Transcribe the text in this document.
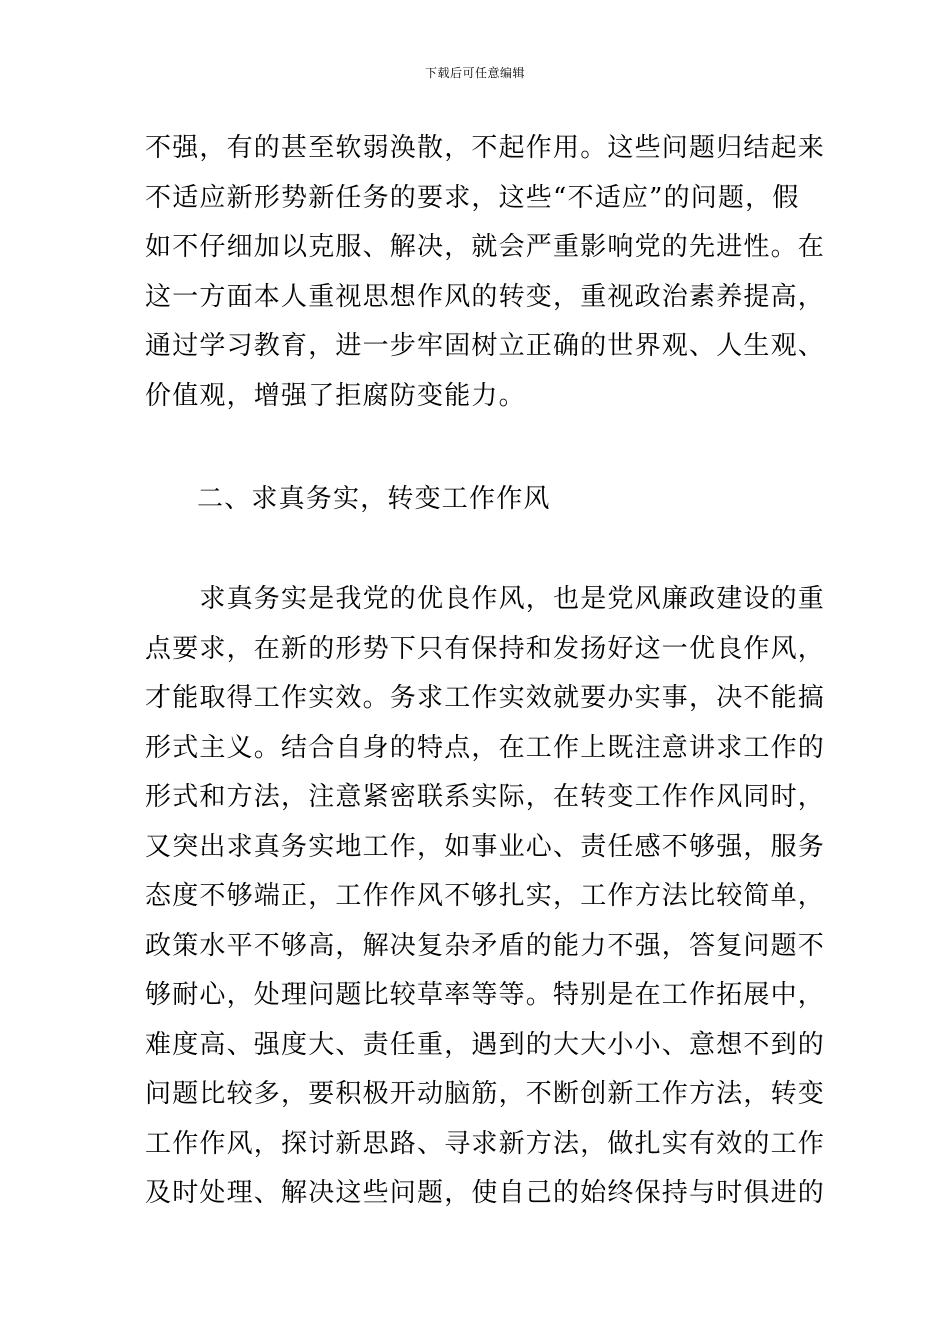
下载后可任意编辑
不强，有的甚至软弱涣散，不起作用。这些问题归结起来
不适应新形势新任务的要求，这些“不适应”的问题，假
如不仔细加以克服、解决，就会严重影响党的先进性。在
这一方面本人重视思想作风的转变，重视政治素养提高，
通过学习教育，进一步牢固树立正确的世界观、人生观、
价值观，增强了拒腐防变能力。
二、求真务实，转变工作作风
　　求真务实是我党的优良作风，也是党风廉政建设的重
点要求，在新的形势下只有保持和发扬好这一优良作风，
才能取得工作实效。务求工作实效就要办实事，决不能搞
形式主义。结合自身的特点，在工作上既注意讲求工作的
形式和方法，注意紧密联系实际，在转变工作作风同时，
又突出求真务实地工作，如事业心、责任感不够强，服务
态度不够端正，工作作风不够扎实，工作方法比较简单，
政策水平不够高，解决复杂矛盾的能力不强，答复问题不
够耐心，处理问题比较草率等等。特别是在工作拓展中，
难度高、强度大、责任重，遇到的大大小小、意想不到的
问题比较多，要积极开动脑筋，不断创新工作方法，转变
工作作风，探讨新思路、寻求新方法，做扎实有效的工作
及时处理、解决这些问题，使自己的始终保持与时俱进的
